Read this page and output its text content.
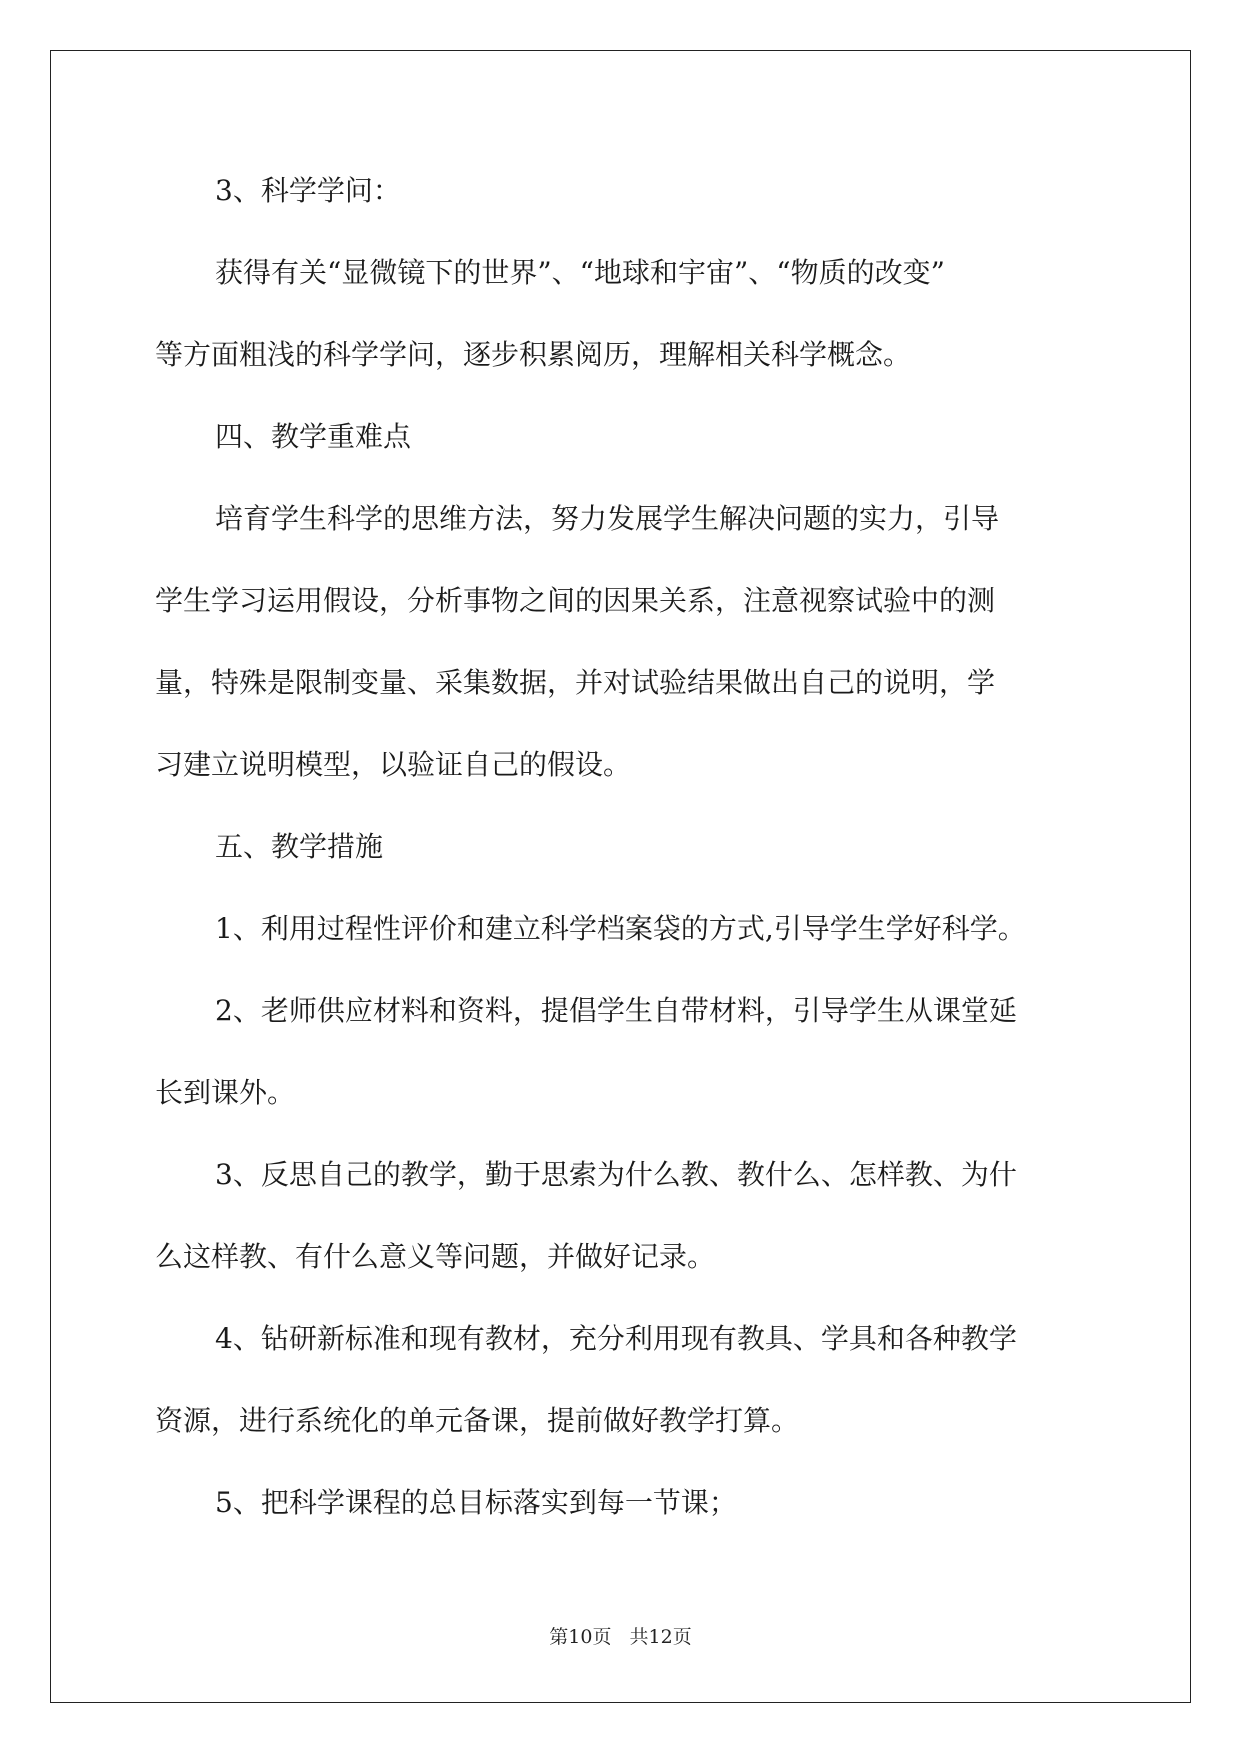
3、科学学问：
获得有关“显微镜下的世界”、“地球和宇宙”、“物质的改变”
等方面粗浅的科学学问，逐步积累阅历，理解相关科学概念。
四、教学重难点
培育学生科学的思维方法，努力发展学生解决问题的实力，引导
学生学习运用假设，分析事物之间的因果关系，注意视察试验中的测
量，特殊是限制变量、采集数据，并对试验结果做出自己的说明，学
习建立说明模型，以验证自己的假设。
五、教学措施
1、利用过程性评价和建立科学档案袋的方式,引导学生学好科学。
2、老师供应材料和资料，提倡学生自带材料，引导学生从课堂延
长到课外。
3、反思自己的教学，勤于思索为什么教、教什么、怎样教、为什
么这样教、有什么意义等问题，并做好记录。
4、钻研新标准和现有教材，充分利用现有教具、学具和各种教学
资源，进行系统化的单元备课，提前做好教学打算。
5、把科学课程的总目标落实到每一节课；
第10页 共12页
